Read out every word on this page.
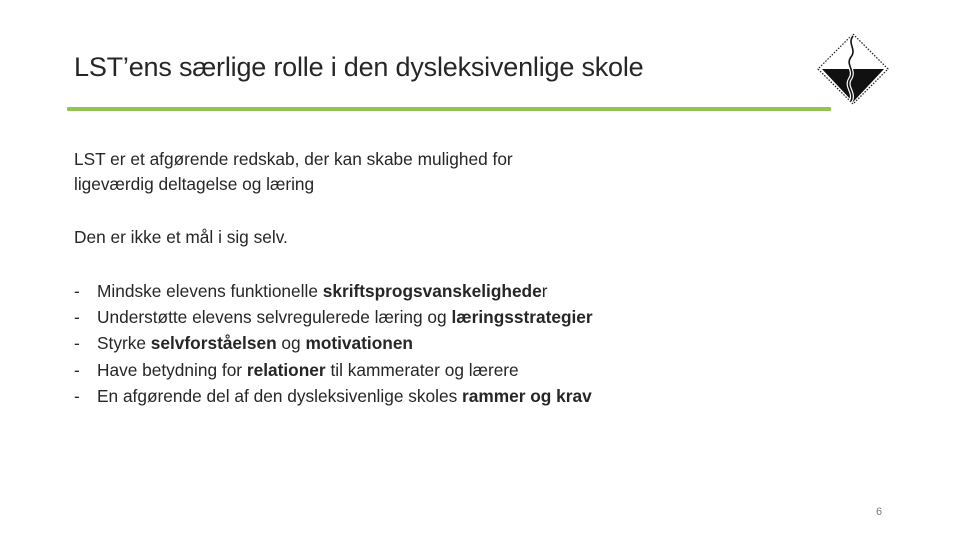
LST’ens særlige rolle i den dysleksivenlige skole

LST er et afgørende redskab, der kan skabe mulighed for

ligeværdig deltagelse og læring

Den er ikke et mål i sig selv.
- Mindske elevens funktionelle skriftsprogsvanskeligheder
- Understøtte elevens selvregulerede læring og læringsstrategier
- Styrke selvforståelsen og motivationen
- Have betydning for relationer til kammerater og lærere
- En afgørende del af den dysleksivenlige skoles rammer og krav
6
